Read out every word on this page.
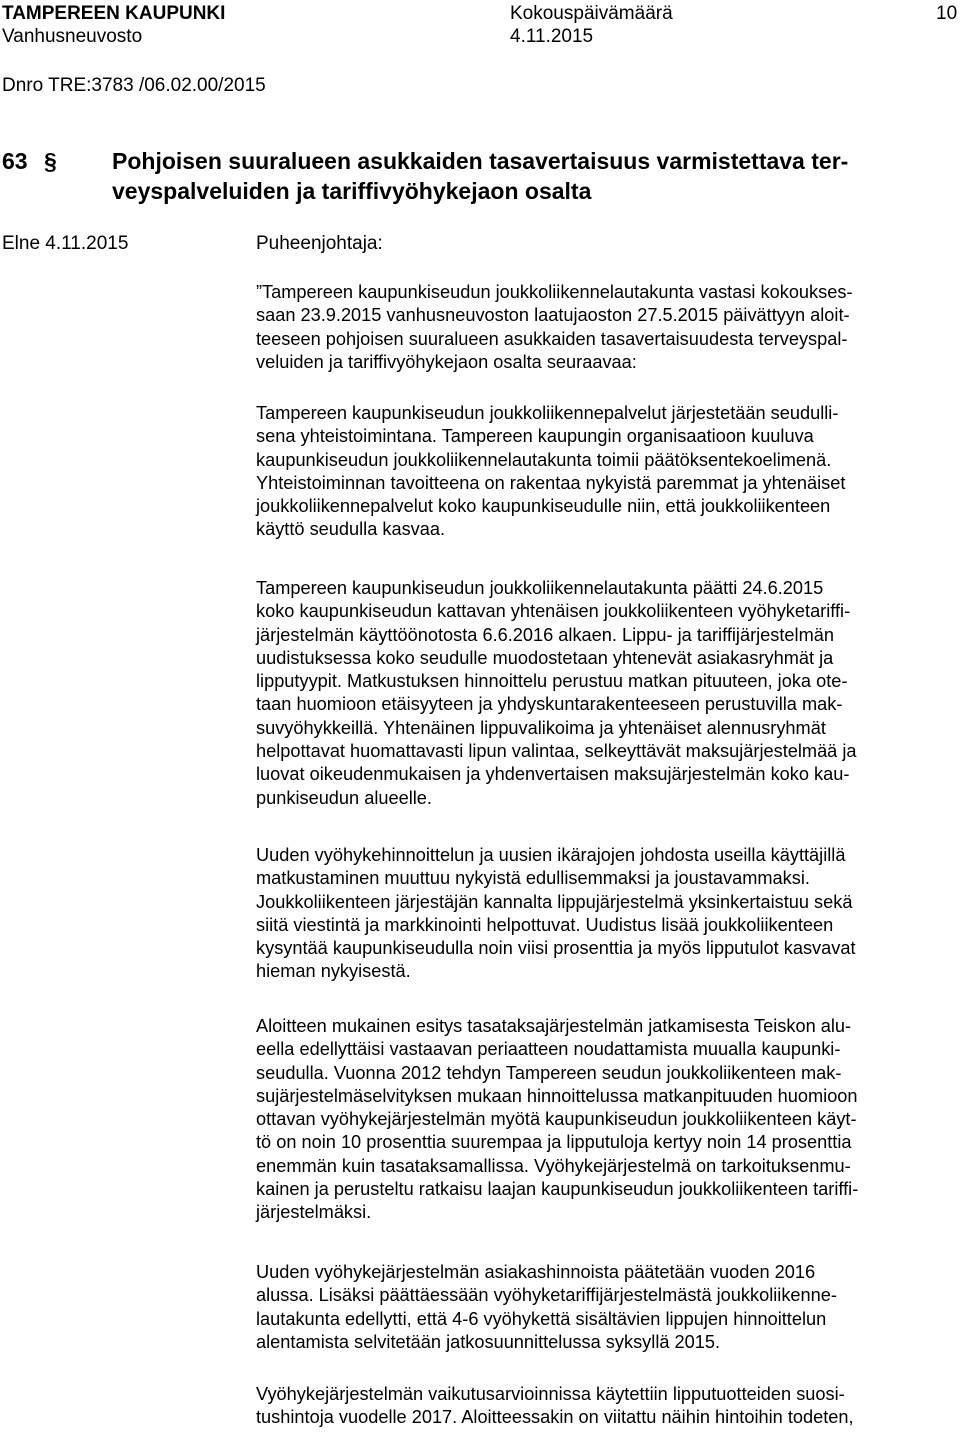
TAMPEREEN KAUPUNKI
Vanhusneuvosto
Kokouspäivämäärä
4.11.2015
10
Dnro TRE:3783 /06.02.00/2015
63 § Pohjoisen suuralueen asukkaiden tasavertaisuus varmistettava ter-
veyspalveluiden ja tariffivyöhykejaon osalta
Elne 4.11.2015	Puheenjohtaja:
”Tampereen kaupunkiseudun joukkoliikennelautakunta vastasi kokoukses-
saan 23.9.2015 vanhusneuvoston laatujaoston 27.5.2015 päivättyyn aloit-
teeseen pohjoisen suuralueen asukkaiden tasavertaisuudesta terveyspal-
veluiden ja tariffivyöhykejaon osalta seuraavaa:
Tampereen kaupunkiseudun joukkoliikennepalvelut järjestetään seudulli-
sena yhteistoimintana. Tampereen kaupungin organisaatioon kuuluva
kaupunkiseudun joukkoliikennelautakunta toimii päätöksentekoelimenä.
Yhteistoiminnan tavoitteena on rakentaa nykyistä paremmat ja yhtenäiset
joukkoliikennepalvelut koko kaupunkiseudulle niin, että joukkoliikenteen
käyttö seudulla kasvaa.
Tampereen kaupunkiseudun joukkoliikennelautakunta päätti 24.6.2015
koko kaupunkiseudun kattavan yhtenäisen joukkoliikenteen vyöhyketariffi-
järjestelmän käyttöönotosta 6.6.2016 alkaen. Lippu- ja tariffijärjestelmän
uudistuksessa koko seudulle muodostetaan yhtenevät asiakasryhmät ja
lipputyypit. Matkustuksen hinnoittelu perustuu matkan pituuteen, joka ote-
taan huomioon etäisyyteen ja yhdyskuntarakenteeseen perustuvilla mak-
suvyöhykkeillä. Yhtenäinen lippuvalikoima ja yhtenäiset alennusryhmät
helpottavat huomattavasti lipun valintaa, selkeyttävät maksujärjestelmää ja
luovat oikeudenmukaisen ja yhdenvertaisen maksujärjestelmän koko kau-
punkiseudun alueelle.
Uuden vyöhykehinnoittelun ja uusien ikärajojen johdosta useilla käyttäjillä
matkustaminen muuttuu nykyistä edullisemmaksi ja joustavammaksi.
Joukkoliikenteen järjestäjän kannalta lippujärjestelmä yksinkertaistuu sekä
siitä viestintä ja markkinointi helpottuvat. Uudistus lisää joukkoliikenteen
kysyntää kaupunkiseudulla noin viisi prosenttia ja myös lipputulot kasvavat
hieman nykyisestä.
Aloitteen mukainen esitys tasataksajärjestelmän jatkamisesta Teiskon alu-
eella edellyttäisi vastaavan periaatteen noudattamista muualla kaupunki-
seudulla. Vuonna 2012 tehdyn Tampereen seudun joukkoliikenteen mak-
sujärjestelmäselvityksen mukaan hinnoittelussa matkanpituuden huomioon
ottavan vyöhykejärjestelmän myötä kaupunkiseudun joukkoliikenteen käyt-
tö on noin 10 prosenttia suurempaa ja lipputuloja kertyy noin 14 prosenttia
enemmän kuin tasataksamallissa. Vyöhykejärjestelmä on tarkoituksenmu-
kainen ja perusteltu ratkaisu laajan kaupunkiseudun joukkoliikenteen tariffi-
järjestelmäksi.
Uuden vyöhykejärjestelmän asiakashinnoista päätetään vuoden 2016
alussa. Lisäksi päättäessään vyöhyketariffijärjestelmästä joukkoliikenne-
lautakunta edellytti, että 4-6 vyöhykettä sisältävien lippujen hinnoittelun
alentamista selvitetään jatkosuunnittelussa syksyllä 2015.
Vyöhykejärjestelmän vaikutusarvioinnissa käytettiin lipputuotteiden suosi-
tushintoja vuodelle 2017. Aloitteessakin on viitattu näihin hintoihin todeten,
